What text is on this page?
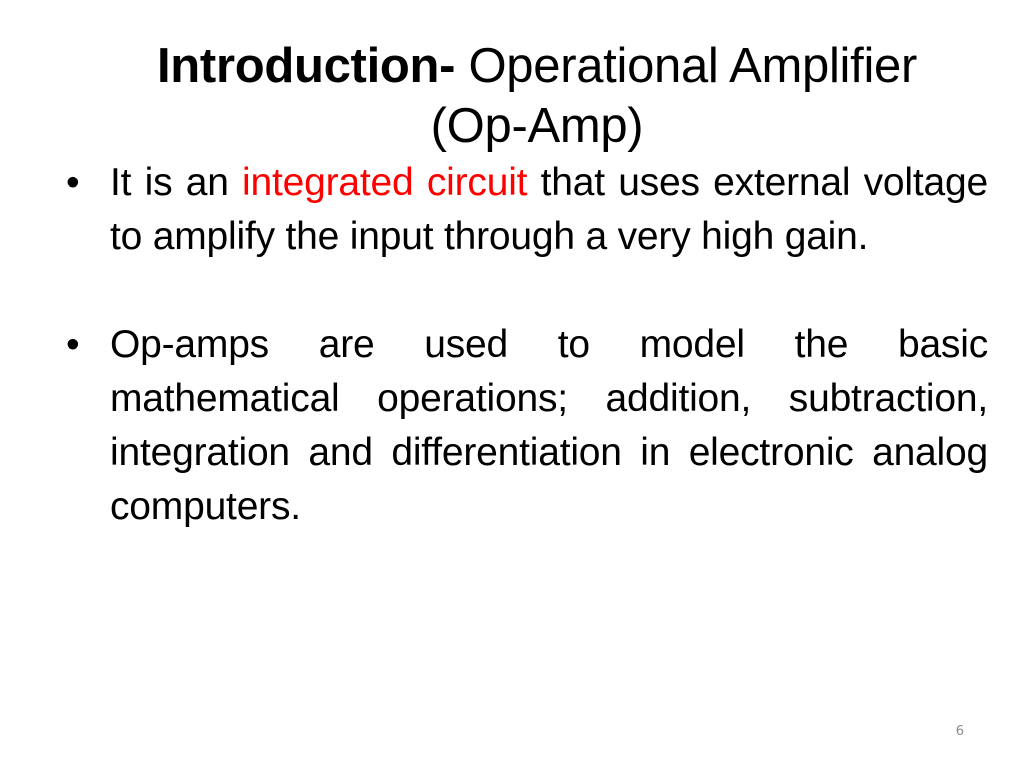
Introduction- Operational Amplifier (Op-Amp)
• It is an integrated circuit that uses external voltage to amplify the input through a very high gain.
• Op-amps are used to model the basic mathematical operations; addition, subtraction, integration and differentiation in electronic analog computers.
6
